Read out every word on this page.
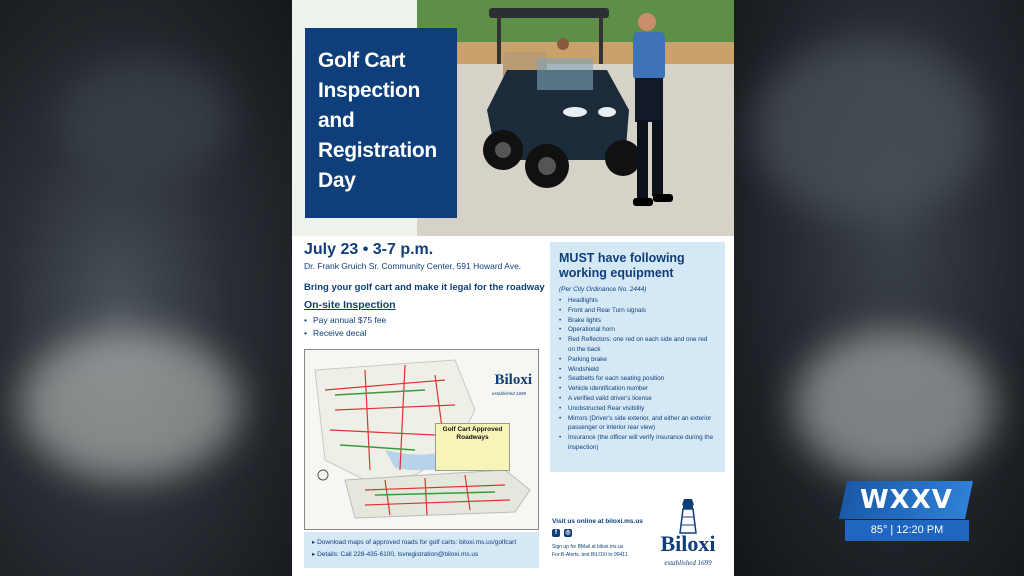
Golf Cart
Inspection
and
Registration
Day
July 23 • 3-7 p.m.
Dr. Frank Gruich Sr. Community Center, 591 Howard Ave.
Bring your golf cart and make it legal for the roadway
On-site Inspection
• Pay annual $75 fee
• Receive decal
Golf Cart Approved Roadways
Biloxi
established 1699
▸ Download maps of approved roads for golf carts: biloxi.ms.us/golfcart
▸ Details: Call 228-435-6100, lsvregistration@biloxi.ms.us
MUST have following working equipment
(Per City Ordinance No. 2444)
• Headlights
• Front and Rear Turn signals
• Brake lights
• Operational horn
• Red Reflectors: one red on each side and one red on the back
• Parking brake
• Windshield
• Seatbelts for each seating position
• Vehicle identification number
• A verified valid driver's license
• Unobstructed Rear visibility
• Mirrors (Driver's side exterior, and either an exterior passenger or interior rear view)
• Insurance (the officer will verify insurance during the inspection)
Visit us online at biloxi.ms.us
f	◎
Sign up for BMail at biloxi.ms.us
For B-Alerts, text BILOXI to 99411	Biloxi
established 1699
WXXV
85° | 12:20 PM
